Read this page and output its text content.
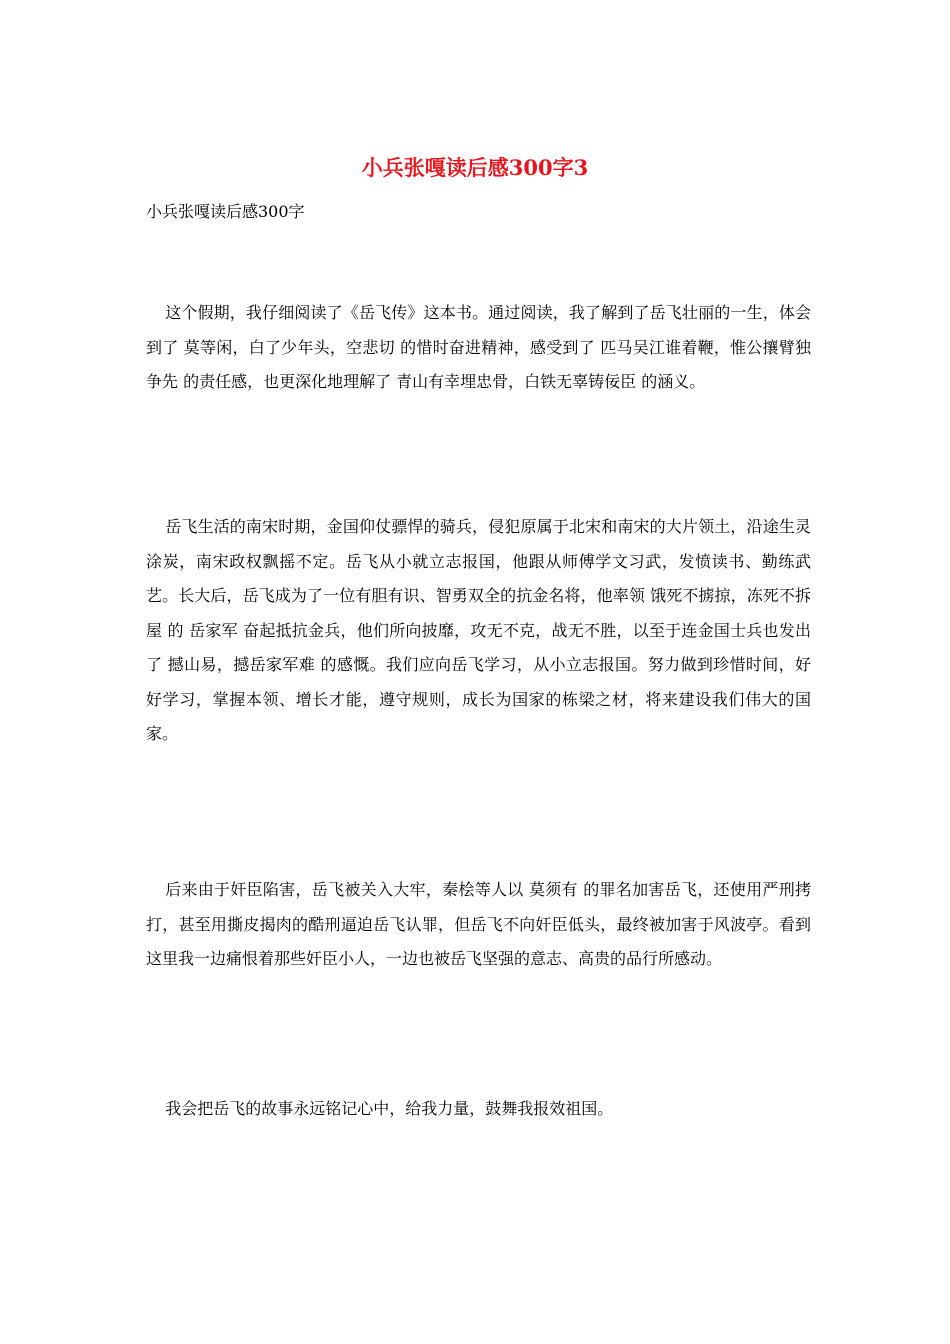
小兵张嘎读后感300字3
小兵张嘎读后感300字

这个假期，我仔细阅读了《岳飞传》这本书。通过阅读，我了解到了岳飞壮丽的一生，体会到了 莫等闲，白了少年头，空悲切 的惜时奋进精神，感受到了 匹马吴江谁着鞭，惟公攘臂独争先 的责任感，也更深化地理解了 青山有幸埋忠骨，白铁无辜铸佞臣 的涵义。

岳飞生活的南宋时期，金国仰仗骠悍的骑兵，侵犯原属于北宋和南宋的大片领土，沿途生灵涂炭，南宋政权飘摇不定。岳飞从小就立志报国，他跟从师傅学文习武，发愤读书、勤练武艺。长大后，岳飞成为了一位有胆有识、智勇双全的抗金名将，他率领 饿死不掳掠，冻死不拆屋 的 岳家军 奋起抵抗金兵，他们所向披靡，攻无不克，战无不胜，以至于连金国士兵也发出了 撼山易，撼岳家军难 的感慨。我们应向岳飞学习，从小立志报国。努力做到珍惜时间，好好学习，掌握本领、增长才能，遵守规则，成长为国家的栋梁之材，将来建设我们伟大的国家。

后来由于奸臣陷害，岳飞被关入大牢，秦桧等人以 莫须有 的罪名加害岳飞，还使用严刑拷打，甚至用撕皮揭肉的酷刑逼迫岳飞认罪，但岳飞不向奸臣低头，最终被加害于风波亭。看到这里我一边痛恨着那些奸臣小人，一边也被岳飞坚强的意志、高贵的品行所感动。

我会把岳飞的故事永远铭记心中，给我力量，鼓舞我报效祖国。
